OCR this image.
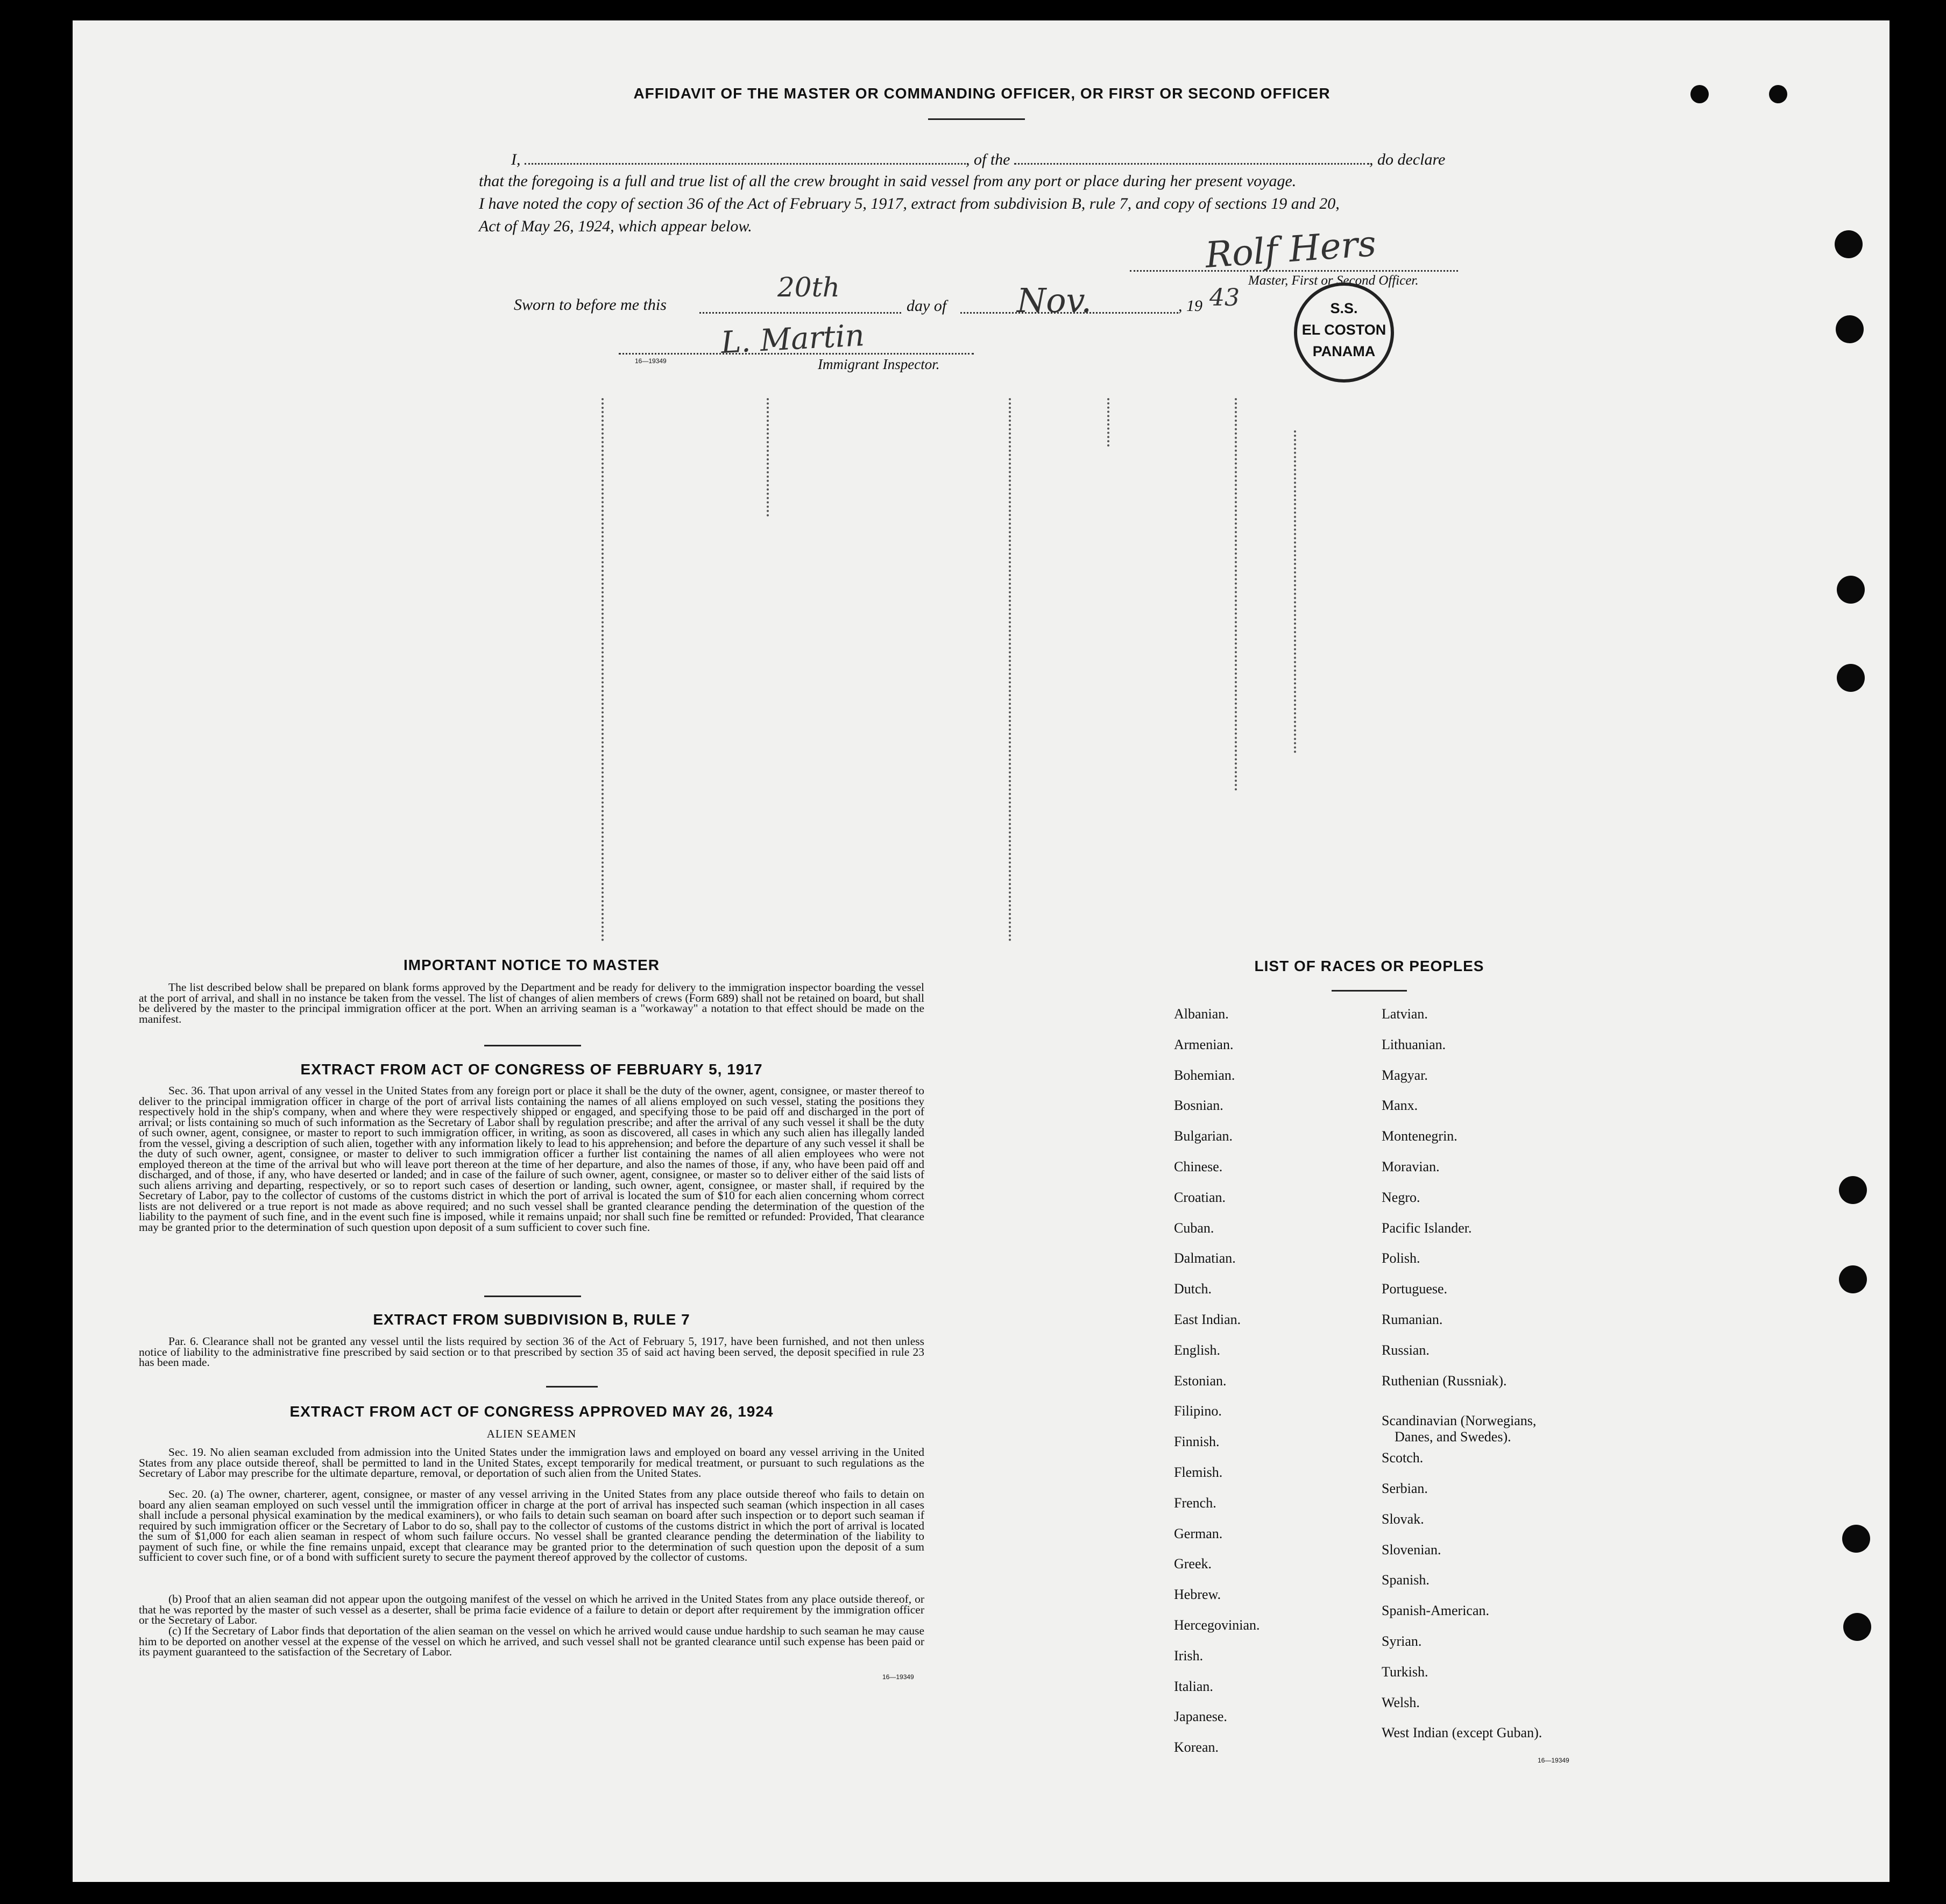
AFFIDAVIT OF THE MASTER OR COMMANDING OFFICER, OR FIRST OR SECOND OFFICER
I,	, of the	, do declare
that the foregoing is a full and true list of all the crew brought in said vessel from any port or place during her present voyage.
I have noted the copy of section 36 of the Act of February 5, 1917, extract from subdivision B, rule 7, and copy of sections 19 and 20,
Act of May 26, 1924, which appear below.	Rolf Hers
Master, First or Second Officer.
Sworn to before me this
20th
day of Nov.	, 19 43
L. Martin
16—19349	Immigrant Inspector.
S.S.
EL COSTON
PANAMA
IMPORTANT NOTICE TO MASTER
The list described below shall be prepared on blank forms approved by the Department and be ready for delivery to the immigration inspector boarding the vessel at the port of arrival, and shall in no instance be taken from the vessel. The list of changes of alien members of crews (Form 689) shall not be retained on board, but shall be delivered by the master to the principal immigration officer at the port. When an arriving seaman is a "workaway" a notation to that effect should be made on the manifest.
EXTRACT FROM ACT OF CONGRESS OF FEBRUARY 5, 1917
Sec. 36. That upon arrival of any vessel in the United States from any foreign port or place it shall be the duty of the owner, agent, consignee, or master thereof to deliver to the principal immigration officer in charge of the port of arrival lists containing the names of all aliens employed on such vessel, stating the positions they respectively hold in the ship's company, when and where they were respectively shipped or engaged, and specifying those to be paid off and discharged in the port of arrival; or lists containing so much of such information as the Secretary of Labor shall by regulation prescribe; and after the arrival of any such vessel it shall be the duty of such owner, agent, consignee, or master to report to such immigration officer, in writing, as soon as discovered, all cases in which any such alien has illegally landed from the vessel, giving a description of such alien, together with any information likely to lead to his apprehension; and before the departure of any such vessel it shall be the duty of such owner, agent, consignee, or master to deliver to such immigration officer a further list containing the names of all alien employees who were not employed thereon at the time of the arrival but who will leave port thereon at the time of her departure, and also the names of those, if any, who have been paid off and discharged, and of those, if any, who have deserted or landed; and in case of the failure of such owner, agent, consignee, or master so to deliver either of the said lists of such aliens arriving and departing, respectively, or so to report such cases of desertion or landing, such owner, agent, consignee, or master shall, if required by the Secretary of Labor, pay to the collector of customs of the customs district in which the port of arrival is located the sum of $10 for each alien concerning whom correct lists are not delivered or a true report is not made as above required; and no such vessel shall be granted clearance pending the determination of the question of the liability to the payment of such fine, and in the event such fine is imposed, while it remains unpaid; nor shall such fine be remitted or refunded: Provided, That clearance may be granted prior to the determination of such question upon deposit of a sum sufficient to cover such fine.
EXTRACT FROM SUBDIVISION B, RULE 7
Par. 6. Clearance shall not be granted any vessel until the lists required by section 36 of the Act of February 5, 1917, have been furnished, and not then unless notice of liability to the administrative fine prescribed by said section or to that prescribed by section 35 of said act having been served, the deposit specified in rule 23 has been made.
EXTRACT FROM ACT OF CONGRESS APPROVED MAY 26, 1924
ALIEN SEAMEN
Sec. 19. No alien seaman excluded from admission into the United States under the immigration laws and employed on board any vessel arriving in the United States from any place outside thereof, shall be permitted to land in the United States, except temporarily for medical treatment, or pursuant to such regulations as the Secretary of Labor may prescribe for the ultimate departure, removal, or deportation of such alien from the United States.
Sec. 20. (a) The owner, charterer, agent, consignee, or master of any vessel arriving in the United States from any place outside thereof who fails to detain on board any alien seaman employed on such vessel until the immigration officer in charge at the port of arrival has inspected such seaman (which inspection in all cases shall include a personal physical examination by the medical examiners), or who fails to detain such seaman on board after such inspection or to deport such seaman if required by such immigration officer or the Secretary of Labor to do so, shall pay to the collector of customs of the customs district in which the port of arrival is located the sum of $1,000 for each alien seaman in respect of whom such failure occurs. No vessel shall be granted clearance pending the determination of the liability to payment of such fine, or while the fine remains unpaid, except that clearance may be granted prior to the determination of such question upon the deposit of a sum sufficient to cover such fine, or of a bond with sufficient surety to secure the payment thereof approved by the collector of customs.
(b) Proof that an alien seaman did not appear upon the outgoing manifest of the vessel on which he arrived in the United States from any place outside thereof, or that he was reported by the master of such vessel as a deserter, shall be prima facie evidence of a failure to detain or deport after requirement by the immigration officer or the Secretary of Labor.
(c) If the Secretary of Labor finds that deportation of the alien seaman on the vessel on which he arrived would cause undue hardship to such seaman he may cause him to be deported on another vessel at the expense of the vessel on which he arrived, and such vessel shall not be granted clearance until such expense has been paid or its payment guaranteed to the satisfaction of the Secretary of Labor.
16—19349
LIST OF RACES OR PEOPLES
Albanian.
Armenian.
Bohemian.
Bosnian.
Bulgarian.
Chinese.
Croatian.
Cuban.
Dalmatian.
Dutch.
East Indian.
English.
Estonian.
Filipino.
Finnish.
Flemish.
French.
German.
Greek.
Hebrew.
Hercegovinian.
Irish.
Italian.
Japanese.
Korean.
Latvian.
Lithuanian.
Magyar.
Manx.
Montenegrin.
Moravian.
Negro.
Pacific Islander.
Polish.
Portuguese.
Rumanian.
Russian.
Ruthenian (Russniak).
Scandinavian (Norwegians,
Danes, and Swedes).
Scotch.
Serbian.
Slovak.
Slovenian.
Spanish.
Spanish-American.
Syrian.
Turkish.
Welsh.
West Indian (except Guban).
16—19349
